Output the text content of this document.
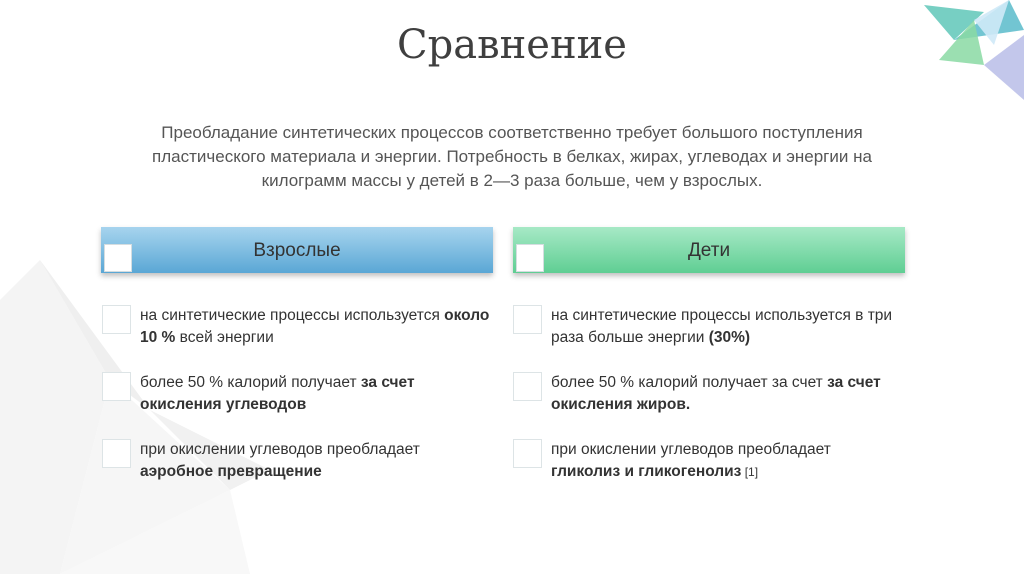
Сравнение

Преобладание синтетических процессов соответственно требует большого поступления

пластического материала и энергии. Потребность в белках, жирах, углеводах и энергии на

килограмм массы у детей в 2—3 раза больше, чем у взрослых.

Взрослые	Дети
на синтетические процессы используется около 10 % всей энергии
более 50 % калорий получает за счет окисления углеводов
при окислении углеводов преобладает аэробное превращение
на синтетические процессы используется в три раза больше энергии (30%)
более 50 % калорий получает за счет за счет окисления жиров.
при окислении углеводов преобладает гликолиз и гликогенолиз [1]
